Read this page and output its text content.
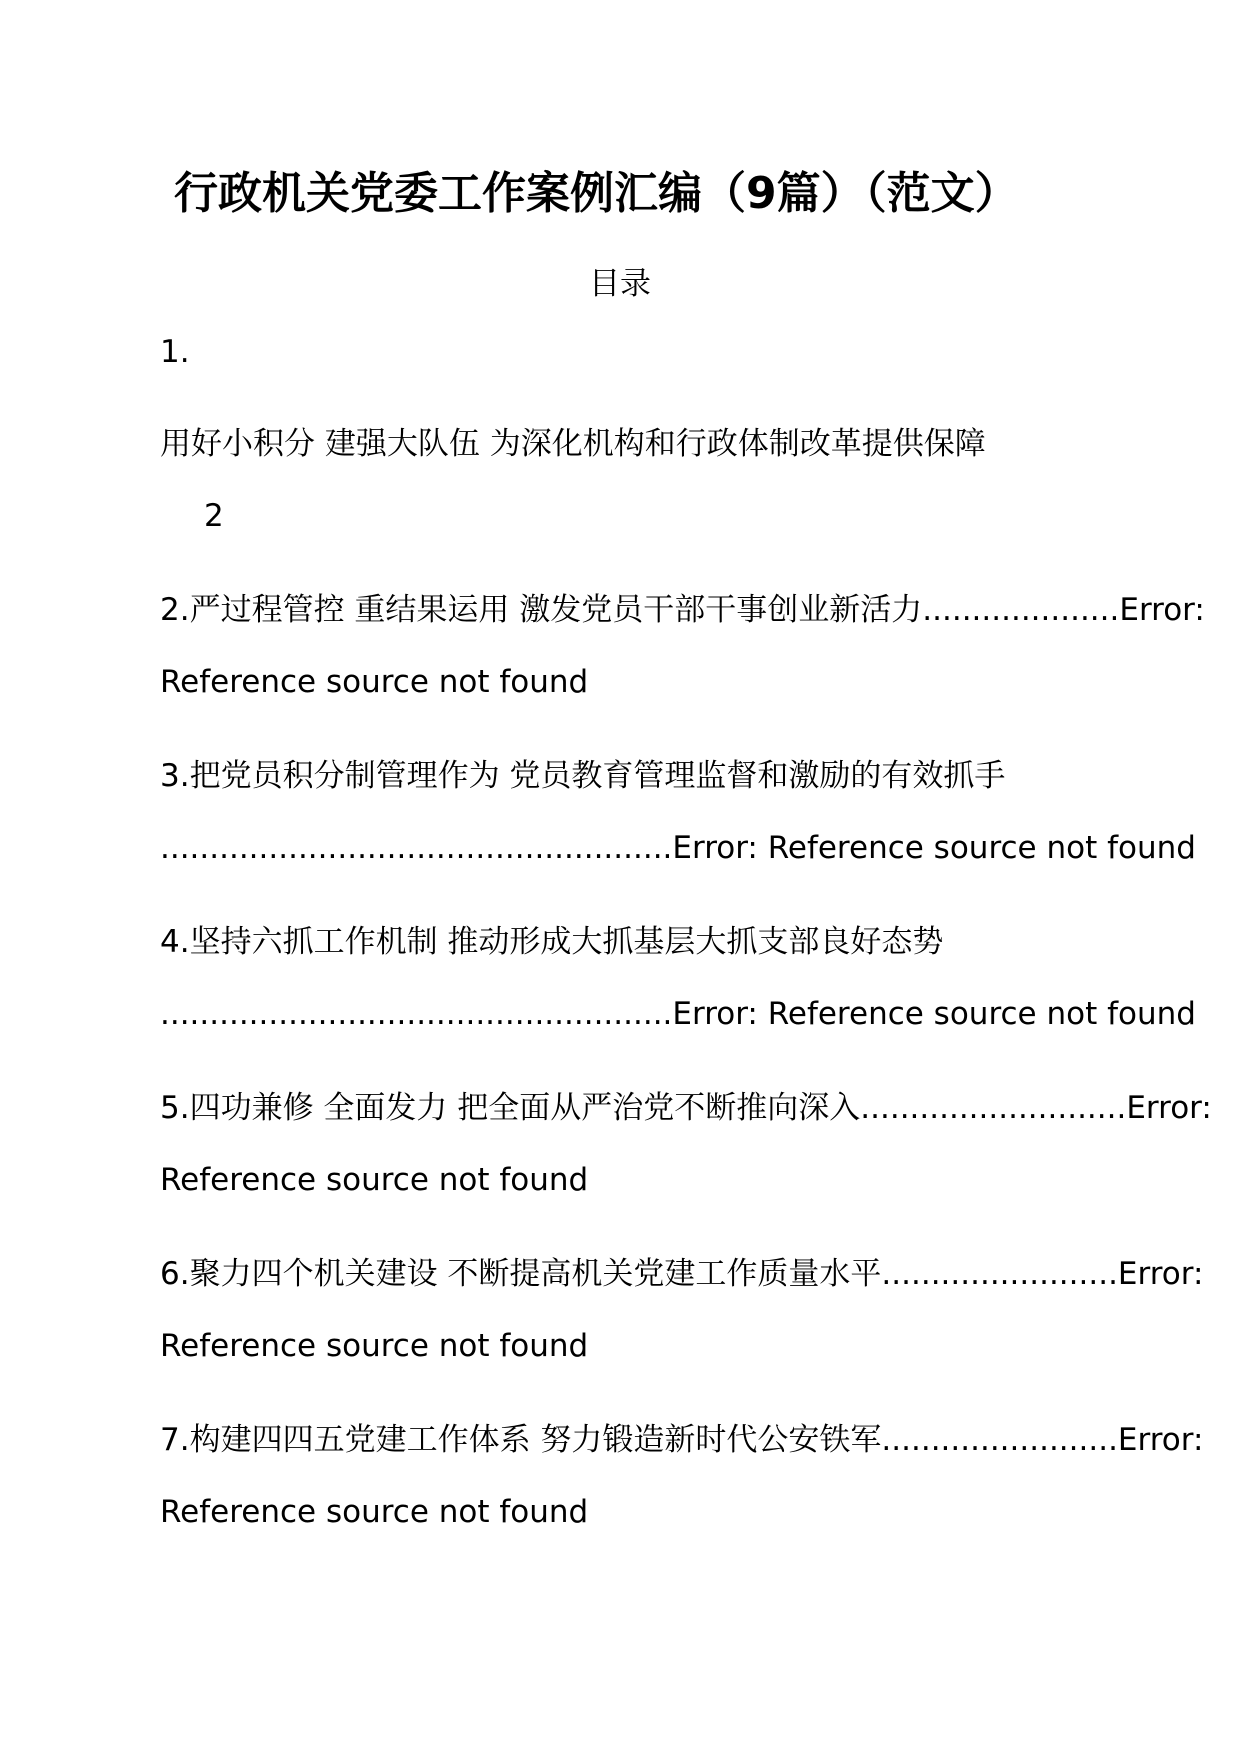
行政机关党委工作案例汇编（9篇）（范文）
目录
1.
用好小积分 建强大队伍 为深化机构和行政体制改革提供保障
2
2.严过程管控 重结果运用 激发党员干部干事创业新活力....................Error:
Reference source not found
3.把党员积分制管理作为 党员教育管理监督和激励的有效抓手
....................................................Error: Reference source not found
4.坚持六抓工作机制 推动形成大抓基层大抓支部良好态势
....................................................Error: Reference source not found
5.四功兼修 全面发力 把全面从严治党不断推向深入...........................Error:
Reference source not found
6.聚力四个机关建设 不断提高机关党建工作质量水平........................Error:
Reference source not found
7.构建四四五党建工作体系 努力锻造新时代公安铁军........................Error:
Reference source not found
